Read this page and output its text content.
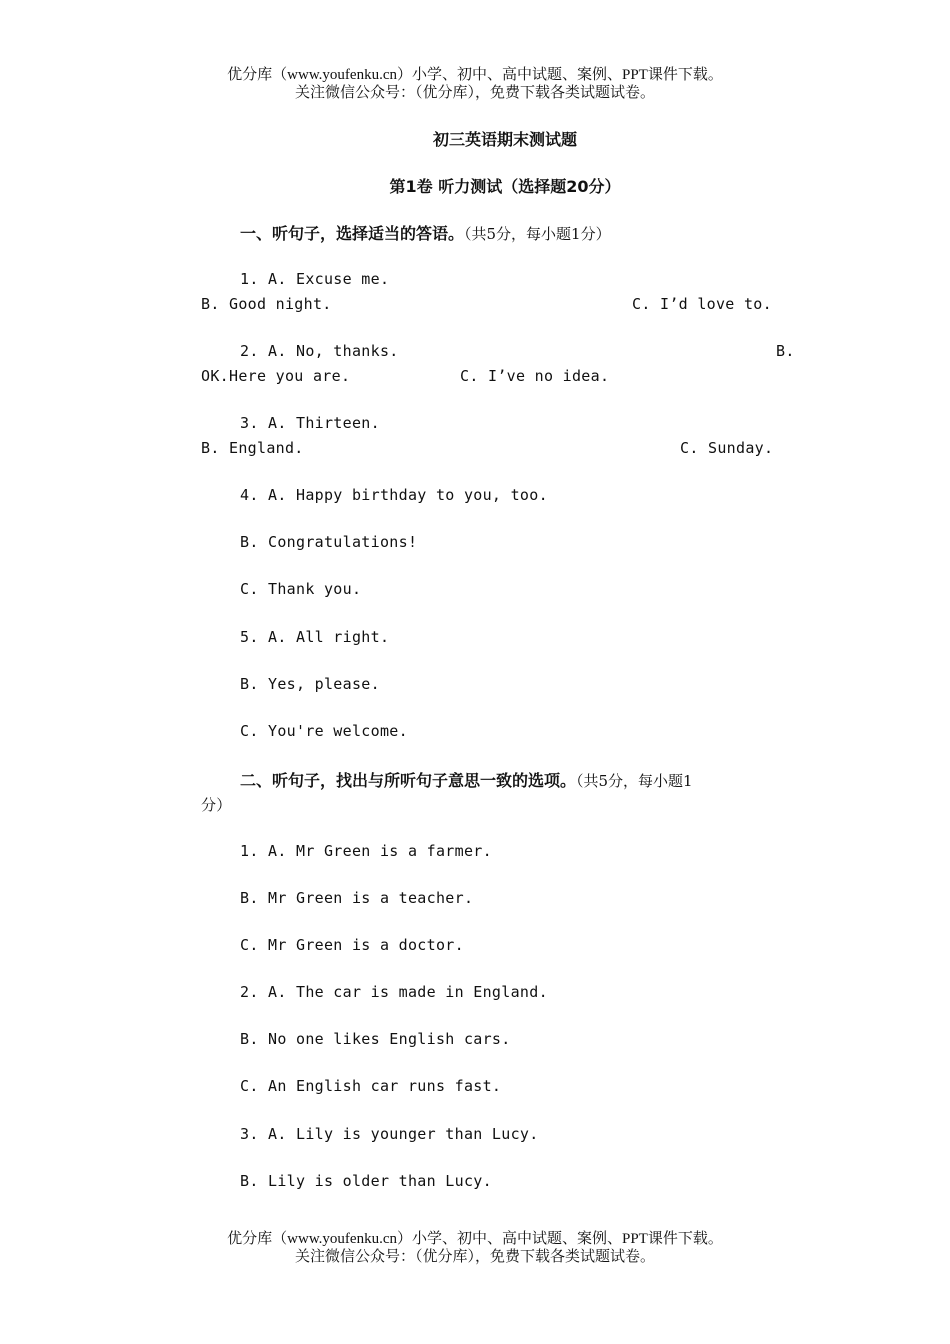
优分库（www.youfenku.cn）小学、初中、高中试题、案例、PPT课件下载。
关注微信公众号：（优分库），免费下载各类试题试卷。
初三英语期末测试题
第1卷 听力测试（选择题20分）
一、听句子，选择适当的答语。（共5分，每小题1分）
1. A. Excuse me.
B. Good night.	C. I’d love to.
2. A. No, thanks.	B.
OK.Here you are.	C. I’ve no idea.
3. A. Thirteen.
B. England.	C. Sunday.
4. A. Happy birthday to you, too.
B. Congratulations!
C. Thank you.
5. A. All right.
B. Yes, please.
C. You're welcome.
二、听句子，找出与所听句子意思一致的选项。（共5分，每小题1
分）
1. A. Mr Green is a farmer.
B. Mr Green is a teacher.
C. Mr Green is a doctor.
2. A. The car is made in England.
B. No one likes English cars.
C. An English car runs fast.
3. A. Lily is younger than Lucy.
B. Lily is older than Lucy.
优分库（www.youfenku.cn）小学、初中、高中试题、案例、PPT课件下载。
关注微信公众号：（优分库），免费下载各类试题试卷。
